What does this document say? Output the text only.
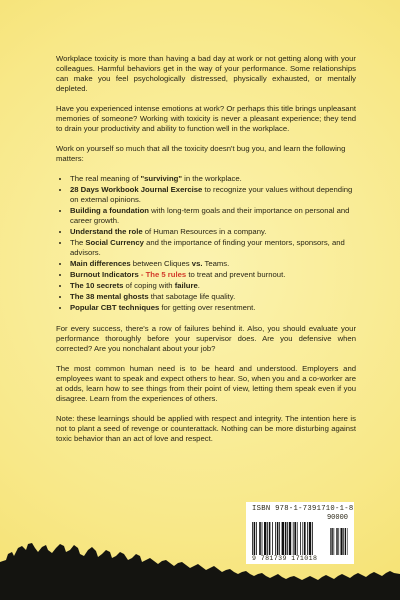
Workplace toxicity is more than having a bad day at work or not getting along with your colleagues. Harmful behaviors get in the way of your performance. Some relationships can make you feel psychologically distressed, physically exhausted, or mentally depleted.

Have you experienced intense emotions at work? Or perhaps this title brings unpleasant memories of someone? Working with toxicity is never a pleasant experience; they tend to drain your productivity and ability to function well in the workplace.

Work on yourself so much that all the toxicity doesn't bug you, and learn the following matters:

• The real meaning of "surviving" in the workplace.
• 28 Days Workbook Journal Exercise to recognize your values without depending on external opinions.
• Building a foundation with long-term goals and their importance on personal and career growth.
• Understand the role of Human Resources in a company.
• The Social Currency and the importance of finding your mentors, sponsors, and advisors.
• Main differences between Cliques vs. Teams.
• Burnout Indicators - The 5 rules to treat and prevent burnout.
• The 10 secrets of coping with failure.
• The 38 mental ghosts that sabotage life quality.
• Popular CBT techniques for getting over resentment.

For every success, there's a row of failures behind it. Also, you should evaluate your performance thoroughly before your supervisor does. Are you defensive when corrected? Are you nonchalant about your job?

The most common human need is to be heard and understood. Employers and employees want to speak and expect others to hear. So, when you and a co-worker are at odds, learn how to see things from their point of view, letting them speak even if you disagree. Learn from the experiences of others.

Note: these learnings should be applied with respect and integrity. The intention here is not to plant a seed of revenge or counterattack. Nothing can be more disturbing against toxic behavior than an act of love and respect.

ISBN 978-1-7391710-1-8
90000
9 781739 171018
